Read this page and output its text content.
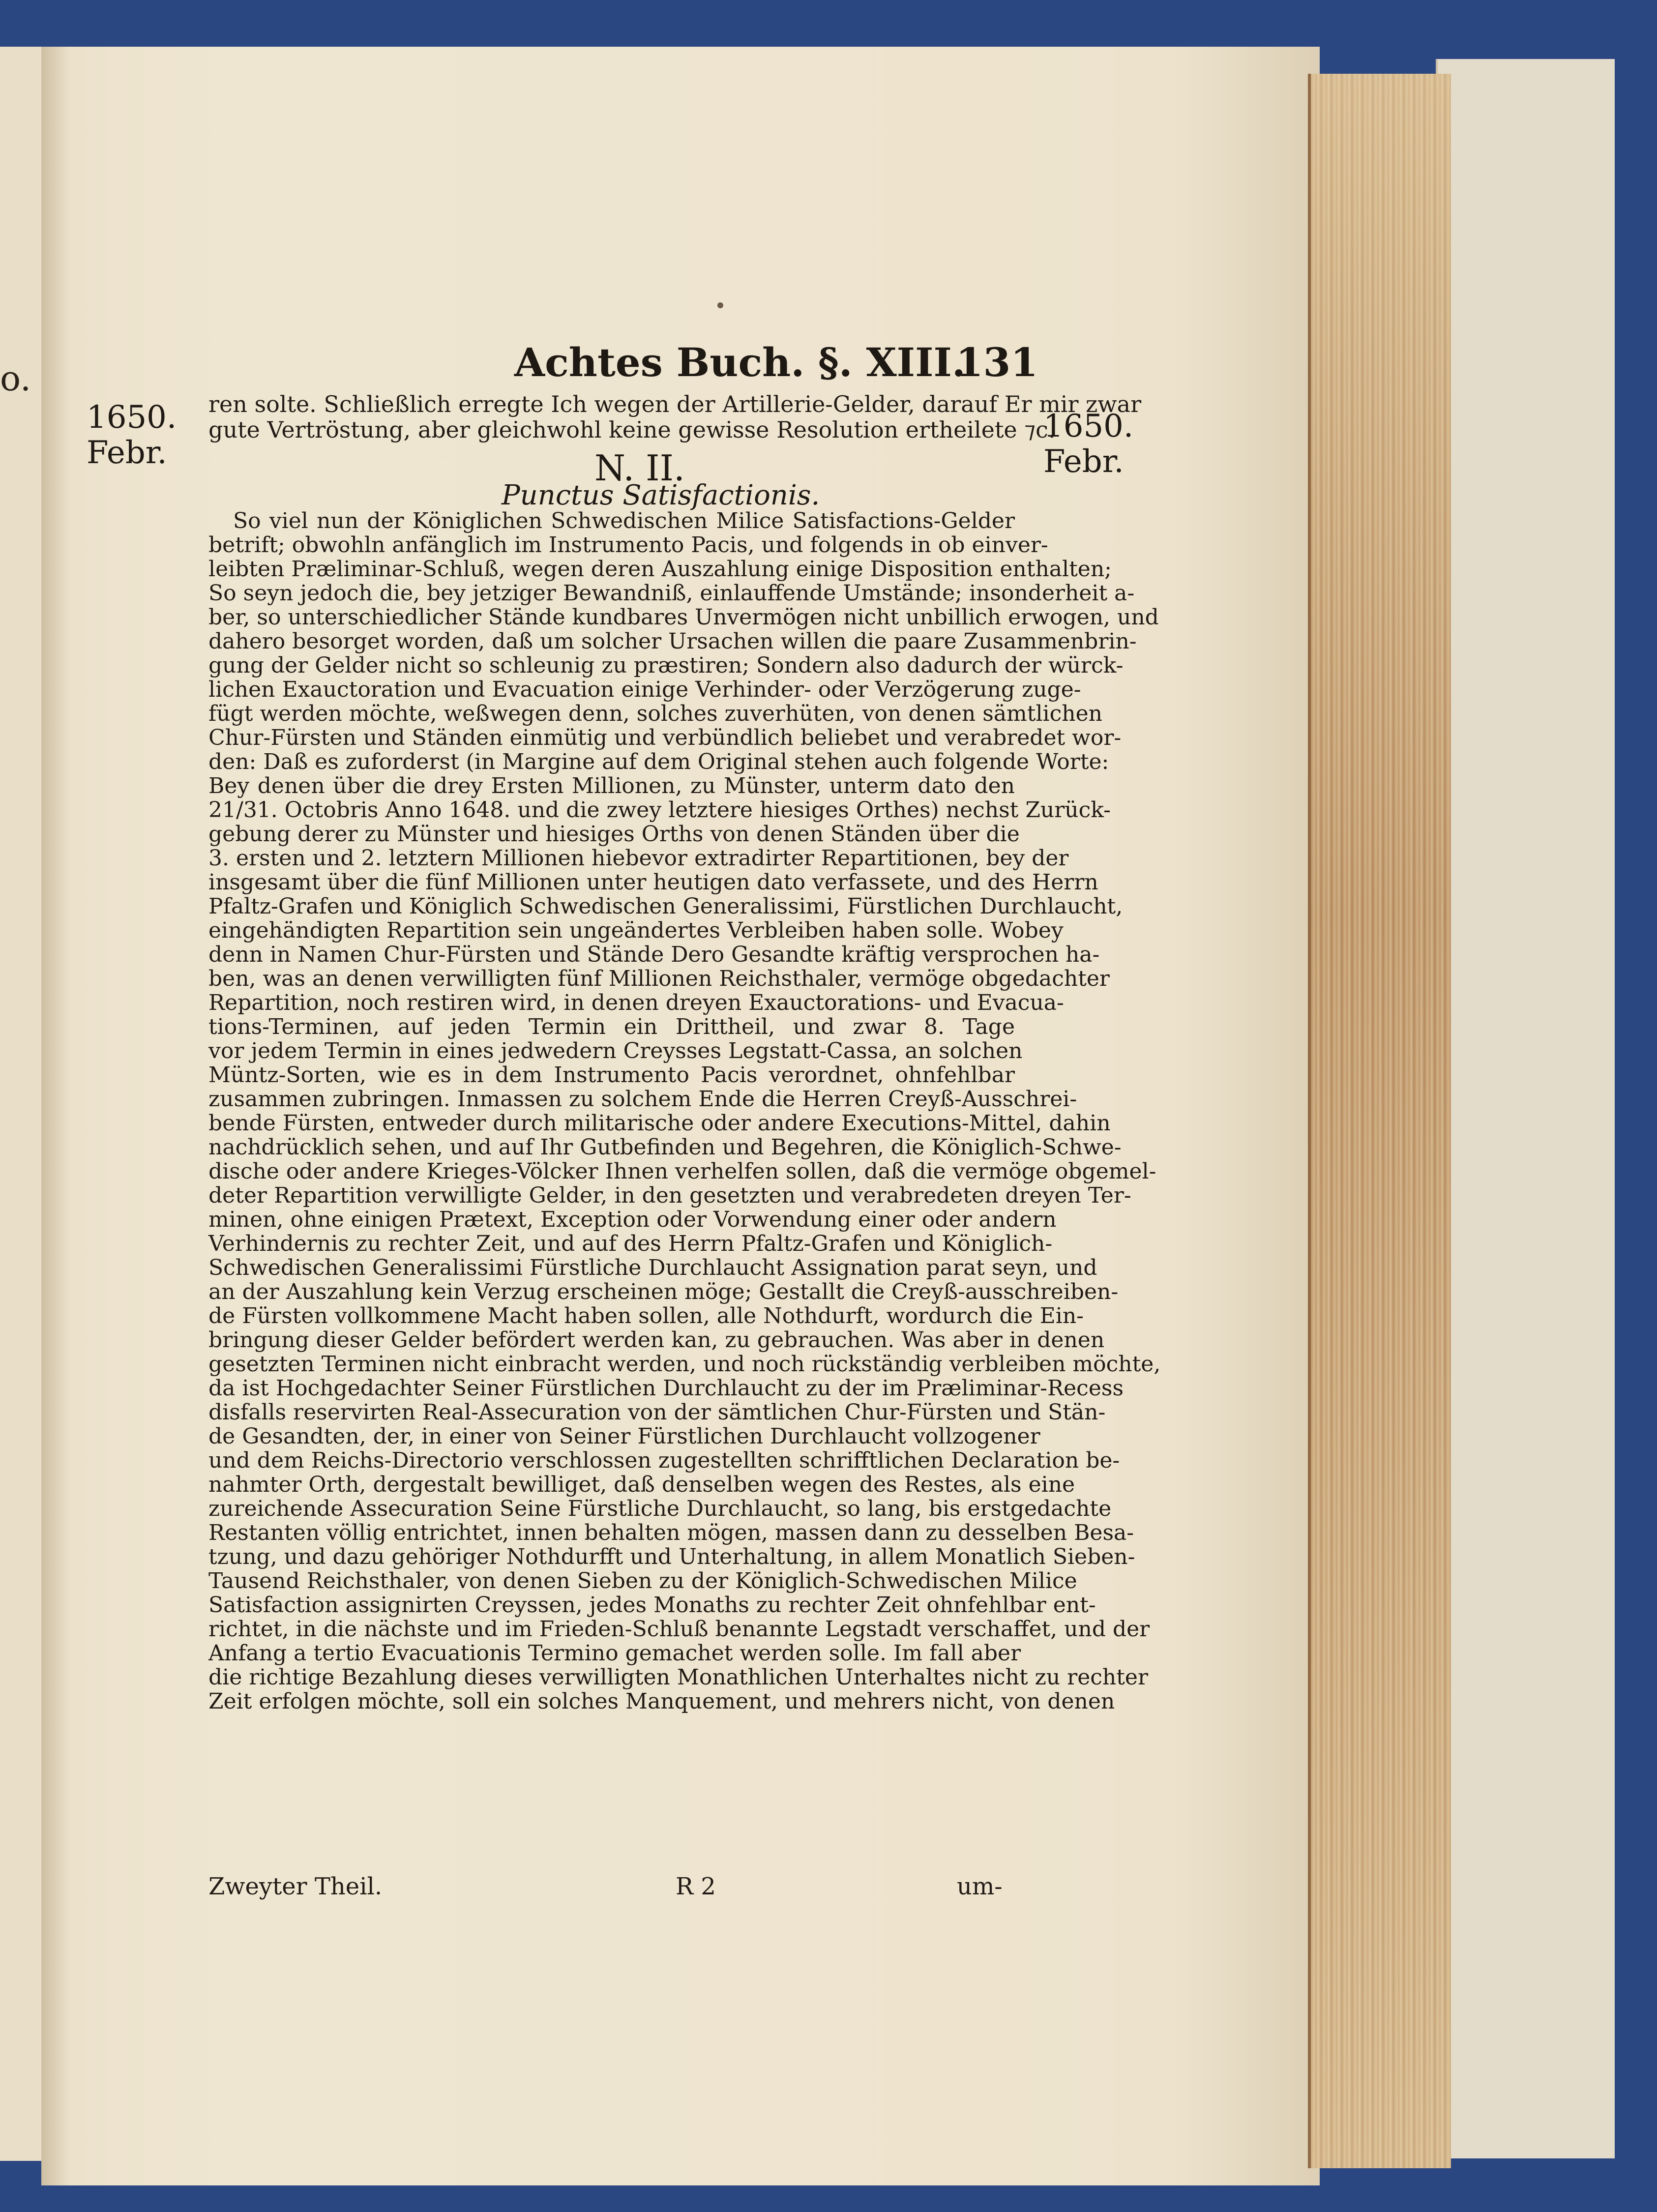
o.	Achtes Buch. §. XIII.
131
1650.
Febr.
1650.
Febr.
ren solte. Schließlich erregte Ich wegen der Artillerie-Gelder, darauf Er mir zwar
gute Vertröstung, aber gleichwohl keine gewisse Resolution ertheilete ⁊c.
N. II.
Punctus Satisfactionis.
So viel nun der Königlichen Schwedischen Milice Satisfactions-Gelder
betrift; obwohln anfänglich im Instrumento Pacis, und folgends in ob einver-
leibten Præliminar-Schluß, wegen deren Auszahlung einige Disposition enthalten;
So seyn jedoch die, bey jetziger Bewandniß, einlauffende Umstände; insonderheit a-
ber, so unterschiedlicher Stände kundbares Unvermögen nicht unbillich erwogen, und
dahero besorget worden, daß um solcher Ursachen willen die paare Zusammenbrin-
gung der Gelder nicht so schleunig zu præstiren; Sondern also dadurch der würck-
lichen Exauctoration und Evacuation einige Verhinder- oder Verzögerung zuge-
fügt werden möchte, weßwegen denn, solches zuverhüten, von denen sämtlichen
Chur-Fürsten und Ständen einmütig und verbündlich beliebet und verabredet wor-
den: Daß es zuforderst (in Margine auf dem Original stehen auch folgende Worte:
Bey denen über die drey Ersten Millionen, zu Münster, unterm dato den
21/31. Octobris Anno 1648. und die zwey letztere hiesiges Orthes) nechst Zurück-
gebung derer zu Münster und hiesiges Orths von denen Ständen über die
3. ersten und 2. letztern Millionen hiebevor extradirter Repartitionen, bey der
insgesamt über die fünf Millionen unter heutigen dato verfassete, und des Herrn
Pfaltz-Grafen und Königlich Schwedischen Generalissimi, Fürstlichen Durchlaucht,
eingehändigten Repartition sein ungeändertes Verbleiben haben solle. Wobey
denn in Namen Chur-Fürsten und Stände Dero Gesandte kräftig versprochen ha-
ben, was an denen verwilligten fünf Millionen Reichsthaler, vermöge obgedachter
Repartition, noch restiren wird, in denen dreyen Exauctorations- und Evacua-
tions-Terminen, auf jeden Termin ein Drittheil, und zwar 8. Tage
vor jedem Termin in eines jedwedern Creysses Legstatt-Cassa, an solchen
Müntz-Sorten, wie es in dem Instrumento Pacis verordnet, ohnfehlbar
zusammen zubringen. Inmassen zu solchem Ende die Herren Creyß-Ausschrei-
bende Fürsten, entweder durch militarische oder andere Executions-Mittel, dahin
nachdrücklich sehen, und auf Ihr Gutbefinden und Begehren, die Königlich-Schwe-
dische oder andere Krieges-Völcker Ihnen verhelfen sollen, daß die vermöge obgemel-
deter Repartition verwilligte Gelder, in den gesetzten und verabredeten dreyen Ter-
minen, ohne einigen Prætext, Exception oder Vorwendung einer oder andern
Verhindernis zu rechter Zeit, und auf des Herrn Pfaltz-Grafen und Königlich-
Schwedischen Generalissimi Fürstliche Durchlaucht Assignation parat seyn, und
an der Auszahlung kein Verzug erscheinen möge; Gestallt die Creyß-ausschreiben-
de Fürsten vollkommene Macht haben sollen, alle Nothdurft, wordurch die Ein-
bringung dieser Gelder befördert werden kan, zu gebrauchen. Was aber in denen
gesetzten Terminen nicht einbracht werden, und noch rückständig verbleiben möchte,
da ist Hochgedachter Seiner Fürstlichen Durchlaucht zu der im Præliminar-Recess
disfalls reservirten Real-Assecuration von der sämtlichen Chur-Fürsten und Stän-
de Gesandten, der, in einer von Seiner Fürstlichen Durchlaucht vollzogener
und dem Reichs-Directorio verschlossen zugestellten schrifftlichen Declaration be-
nahmter Orth, dergestalt bewilliget, daß denselben wegen des Restes, als eine
zureichende Assecuration Seine Fürstliche Durchlaucht, so lang, bis erstgedachte
Restanten völlig entrichtet, innen behalten mögen, massen dann zu desselben Besa-
tzung, und dazu gehöriger Nothdurfft und Unterhaltung, in allem Monatlich Sieben-
Tausend Reichsthaler, von denen Sieben zu der Königlich-Schwedischen Milice
Satisfaction assignirten Creyssen, jedes Monaths zu rechter Zeit ohnfehlbar ent-
richtet, in die nächste und im Frieden-Schluß benannte Legstadt verschaffet, und der
Anfang a tertio Evacuationis Termino gemachet werden solle. Im fall aber
die richtige Bezahlung dieses verwilligten Monathlichen Unterhaltes nicht zu rechter
Zeit erfolgen möchte, soll ein solches Manquement, und mehrers nicht, von denen
Zweyter Theil.	R 2	um-
